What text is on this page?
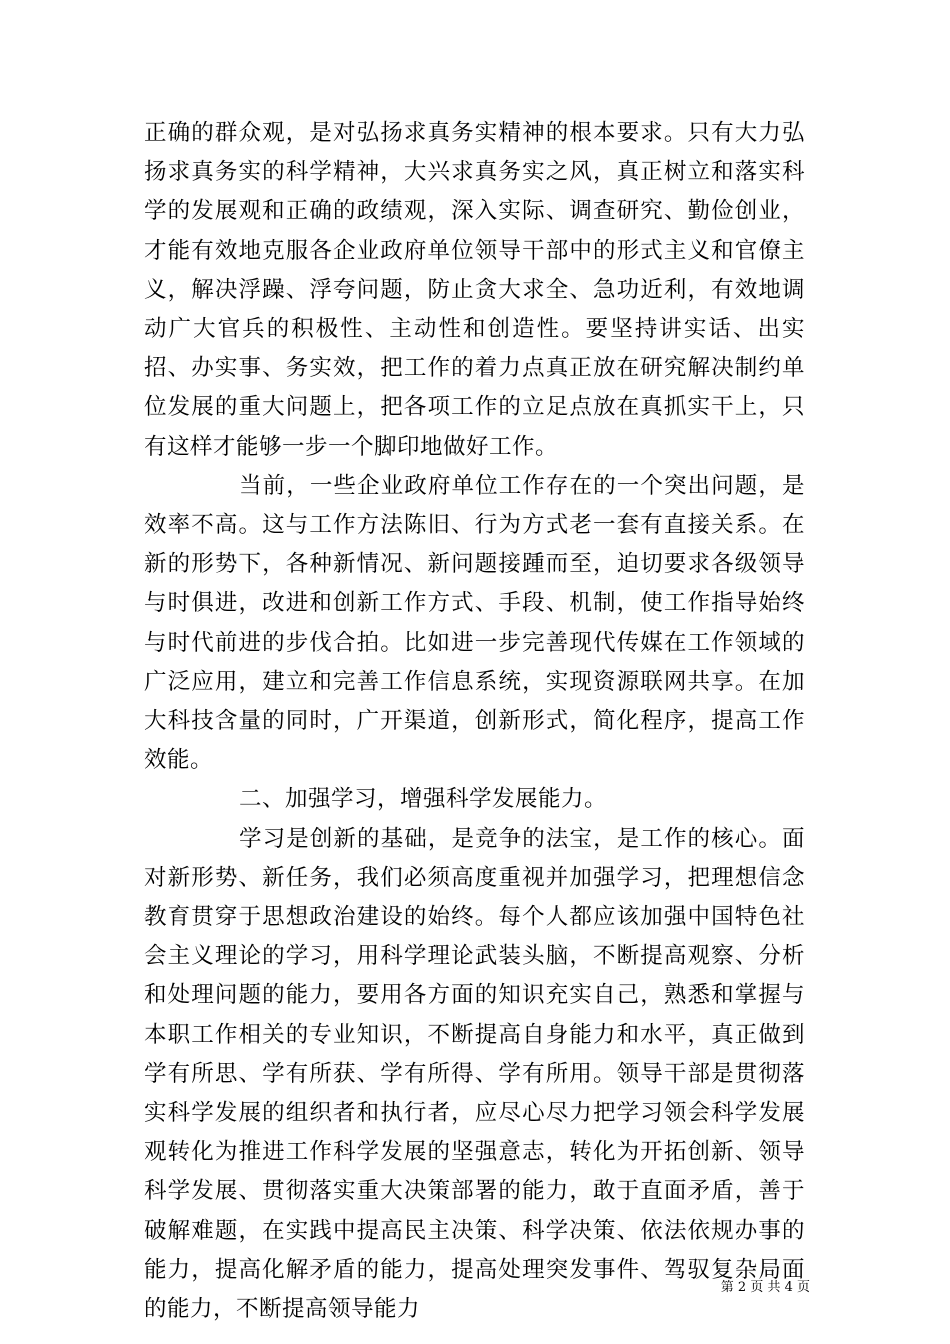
正确的群众观，是对弘扬求真务实精神的根本要求。只有大力弘扬求真务实的科学精神，大兴求真务实之风，真正树立和落实科学的发展观和正确的政绩观，深入实际、调查研究、勤俭创业，才能有效地克服各企业政府单位领导干部中的形式主义和官僚主义，解决浮躁、浮夸问题，防止贪大求全、急功近利，有效地调动广大官兵的积极性、主动性和创造性。要坚持讲实话、出实招、办实事、务实效，把工作的着力点真正放在研究解决制约单位发展的重大问题上，把各项工作的立足点放在真抓实干上，只有这样才能够一步一个脚印地做好工作。

当前，一些企业政府单位工作存在的一个突出问题，是效率不高。这与工作方法陈旧、行为方式老一套有直接关系。在新的形势下，各种新情况、新问题接踵而至，迫切要求各级领导与时俱进，改进和创新工作方式、手段、机制，使工作指导始终与时代前进的步伐合拍。比如进一步完善现代传媒在工作领域的广泛应用，建立和完善工作信息系统，实现资源联网共享。在加大科技含量的同时，广开渠道，创新形式，简化程序，提高工作效能。

二、加强学习，增强科学发展能力。

学习是创新的基础，是竞争的法宝，是工作的核心。面对新形势、新任务，我们必须高度重视并加强学习，把理想信念教育贯穿于思想政治建设的始终。每个人都应该加强中国特色社会主义理论的学习，用科学理论武装头脑，不断提高观察、分析和处理问题的能力，要用各方面的知识充实自己，熟悉和掌握与本职工作相关的专业知识，不断提高自身能力和水平，真正做到学有所思、学有所获、学有所得、学有所用。领导干部是贯彻落实科学发展的组织者和执行者，应尽心尽力把学习领会科学发展观转化为推进工作科学发展的坚强意志，转化为开拓创新、领导科学发展、贯彻落实重大决策部署的能力，敢于直面矛盾，善于破解难题，在实践中提高民主决策、科学决策、依法依规办事的能力，提高化解矛盾的能力，提高处理突发事件、驾驭复杂局面的能力，不断提高领导能力

第 2 页 共 4 页
